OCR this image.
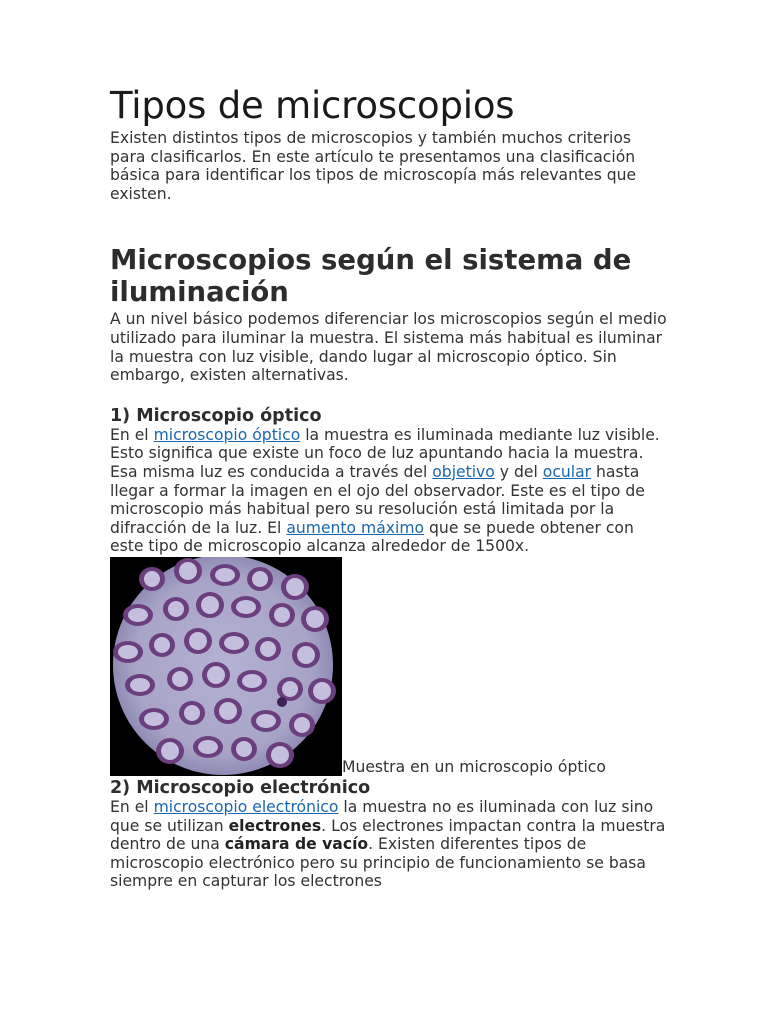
Tipos de microscopios

Existen distintos tipos de microscopios y también muchos criterios para clasificarlos. En este artículo te presentamos una clasificación básica para identificar los tipos de microscopía más relevantes que existen.

Microscopios según el sistema de iluminación

A un nivel básico podemos diferenciar los microscopios según el medio utilizado para iluminar la muestra. El sistema más habitual es iluminar la muestra con luz visible, dando lugar al microscopio óptico. Sin embargo, existen alternativas.

1) Microscopio óptico

En el microscopio óptico la muestra es iluminada mediante luz visible. Esto significa que existe un foco de luz apuntando hacia la muestra. Esa misma luz es conducida a través del objetivo y del ocular hasta llegar a formar la imagen en el ojo del observador. Este es el tipo de microscopio más habitual pero su resolución está limitada por la difracción de la luz. El aumento máximo que se puede obtener con este tipo de microscopio alcanza alrededor de 1500x.

Muestra en un microscopio óptico
2) Microscopio electrónico

En el microscopio electrónico la muestra no es iluminada con luz sino que se utilizan electrones. Los electrones impactan contra la muestra dentro de una cámara de vacío. Existen diferentes tipos de microscopio electrónico pero su principio de funcionamiento se basa siempre en capturar los electrones
